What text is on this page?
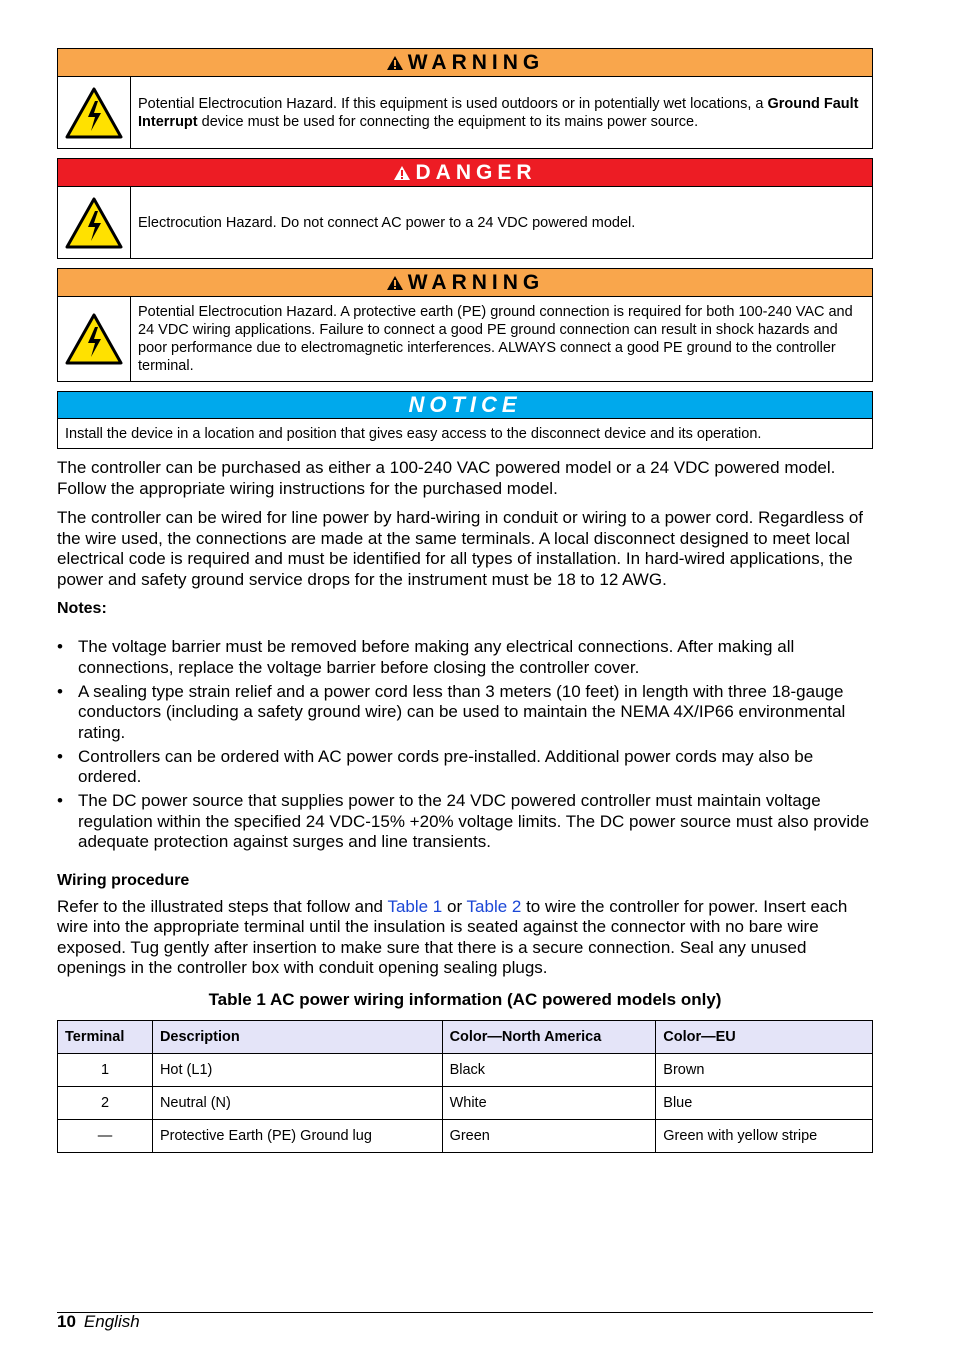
WARNING
Potential Electrocution Hazard. If this equipment is used outdoors or in potentially wet locations, a Ground Fault Interrupt device must be used for connecting the equipment to its mains power source.
DANGER
Electrocution Hazard. Do not connect AC power to a 24 VDC powered model.
WARNING
Potential Electrocution Hazard. A protective earth (PE) ground connection is required for both 100-240 VAC and 24 VDC wiring applications. Failure to connect a good PE ground connection can result in shock hazards and poor performance due to electromagnetic interferences. ALWAYS connect a good PE ground to the controller terminal.
NOTICE
Install the device in a location and position that gives easy access to the disconnect device and its operation.

The controller can be purchased as either a 100-240 VAC powered model or a 24 VDC powered model. Follow the appropriate wiring instructions for the purchased model.

The controller can be wired for line power by hard-wiring in conduit or wiring to a power cord. Regardless of the wire used, the connections are made at the same terminals. A local disconnect designed to meet local electrical code is required and must be identified for all types of installation. In hard-wired applications, the power and safety ground service drops for the instrument must be 18 to 12 AWG.

Notes:
• The voltage barrier must be removed before making any electrical connections. After making all connections, replace the voltage barrier before closing the controller cover.
• A sealing type strain relief and a power cord less than 3 meters (10 feet) in length with three 18-gauge conductors (including a safety ground wire) can be used to maintain the NEMA 4X/IP66 environmental rating.
• Controllers can be ordered with AC power cords pre-installed. Additional power cords may also be ordered.
• The DC power source that supplies power to the 24 VDC powered controller must maintain voltage regulation within the specified 24 VDC-15% +20% voltage limits. The DC power source must also provide adequate protection against surges and line transients.
Wiring procedure

Refer to the illustrated steps that follow and Table 1 or Table 2 to wire the controller for power. Insert each wire into the appropriate terminal until the insulation is seated against the connector with no bare wire exposed. Tug gently after insertion to make sure that there is a secure connection. Seal any unused openings in the controller box with conduit opening sealing plugs.

Table 1 AC power wiring information (AC powered models only)
Terminal	Description	Color—North America	Color—EU
1	Hot (L1)	Black	Brown
2	Neutral (N)	White	Blue
—	Protective Earth (PE) Ground lug	Green	Green with yellow stripe
10 English
